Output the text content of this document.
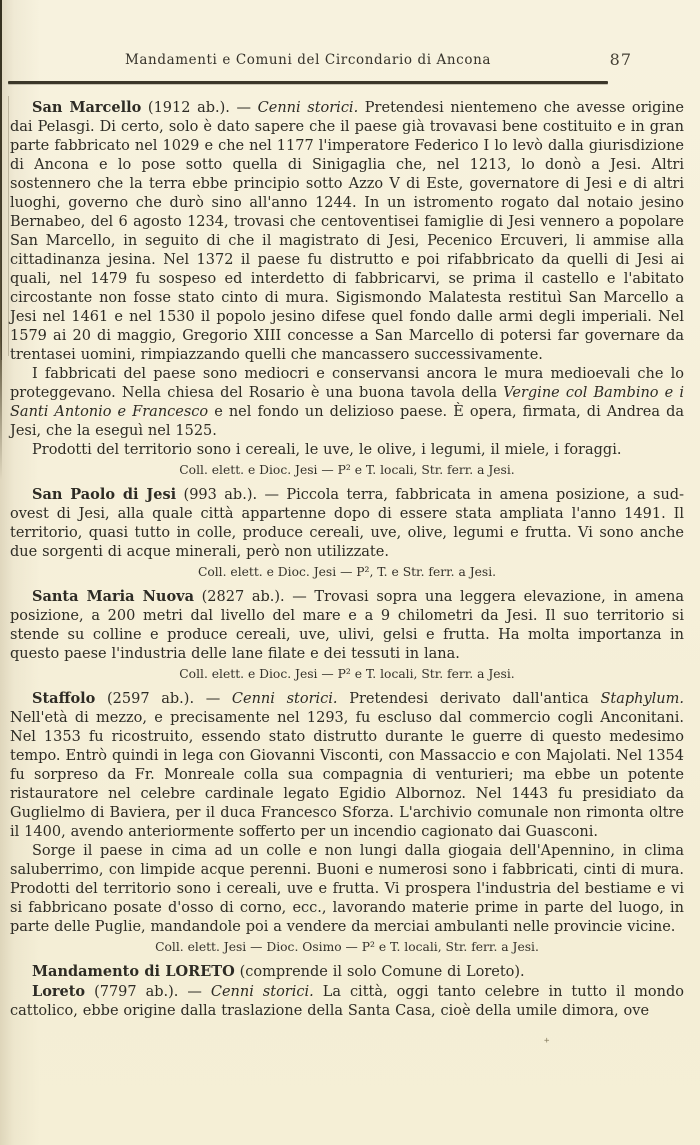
Mandamenti e Comuni del Circondario di Ancona	87

San Marcello (1912 ab.). — Cenni storici. Pretendesi nientemeno che avesse origine dai Pelasgi. Di certo, solo è dato sapere che il paese già trovavasi bene costituito e in gran parte fabbricato nel 1029 e che nel 1177 l'imperatore Federico I lo levò dalla giurisdizione di Ancona e lo pose sotto quella di Sinigaglia che, nel 1213, lo donò a Jesi. Altri sostennero che la terra ebbe principio sotto Azzo V di Este, governatore di Jesi e di altri luoghi, governo che durò sino all'anno 1244. In un istromento rogato dal notaio jesino Bernabeo, del 6 agosto 1234, trovasi che centoventisei famiglie di Jesi vennero a popolare San Marcello, in seguito di che il magistrato di Jesi, Pecenico Ercuveri, li ammise alla cittadinanza jesina. Nel 1372 il paese fu distrutto e poi rifabbricato da quelli di Jesi ai quali, nel 1479 fu sospeso ed interdetto di fabbricarvi, se prima il castello e l'abitato circostante non fosse stato cinto di mura. Sigismondo Malatesta restituì San Marcello a Jesi nel 1461 e nel 1530 il popolo jesino difese quel fondo dalle armi degli imperiali. Nel 1579 ai 20 di maggio, Gregorio XIII concesse a San Marcello di potersi far governare da trentasei uomini, rimpiazzando quelli che mancassero successivamente.

I fabbricati del paese sono mediocri e conservansi ancora le mura medioevali che lo proteggevano. Nella chiesa del Rosario è una buona tavola della Vergine col Bambino e i Santi Antonio e Francesco e nel fondo un delizioso paese. È opera, firmata, di Andrea da Jesi, che la eseguì nel 1525.

Prodotti del territorio sono i cereali, le uve, le olive, i legumi, il miele, i foraggi.

Coll. elett. e Dioc. Jesi — P² e T. locali, Str. ferr. a Jesi.

San Paolo di Jesi (993 ab.). — Piccola terra, fabbricata in amena posizione, a sud-ovest di Jesi, alla quale città appartenne dopo di essere stata ampliata l'anno 1491. Il territorio, quasi tutto in colle, produce cereali, uve, olive, legumi e frutta. Vi sono anche due sorgenti di acque minerali, però non utilizzate.

Coll. elett. e Dioc. Jesi — P², T. e Str. ferr. a Jesi.

Santa Maria Nuova (2827 ab.). — Trovasi sopra una leggera elevazione, in amena posizione, a 200 metri dal livello del mare e a 9 chilometri da Jesi. Il suo territorio si stende su colline e produce cereali, uve, ulivi, gelsi e frutta. Ha molta importanza in questo paese l'industria delle lane filate e dei tessuti in lana.

Coll. elett. e Dioc. Jesi — P² e T. locali, Str. ferr. a Jesi.

Staffolo (2597 ab.). — Cenni storici. Pretendesi derivato dall'antica Staphylum. Nell'età di mezzo, e precisamente nel 1293, fu escluso dal commercio cogli Anconitani. Nel 1353 fu ricostruito, essendo stato distrutto durante le guerre di questo medesimo tempo. Entrò quindi in lega con Giovanni Visconti, con Massaccio e con Majolati. Nel 1354 fu sorpreso da Fr. Monreale colla sua compagnia di venturieri; ma ebbe un potente ristauratore nel celebre cardinale legato Egidio Albornoz. Nel 1443 fu presidiato da Guglielmo di Baviera, per il duca Francesco Sforza. L'archivio comunale non rimonta oltre il 1400, avendo anteriormente sofferto per un incendio cagionato dai Guasconi.

Sorge il paese in cima ad un colle e non lungi dalla giogaia dell'Apennino, in clima saluberrimo, con limpide acque perenni. Buoni e numerosi sono i fabbricati, cinti di mura. Prodotti del territorio sono i cereali, uve e frutta. Vi prospera l'industria del bestiame e vi si fabbricano posate d'osso di corno, ecc., lavorando materie prime in parte del luogo, in parte delle Puglie, mandandole poi a vendere da merciai ambulanti nelle provincie vicine.

Coll. elett. Jesi — Dioc. Osimo — P² e T. locali, Str. ferr. a Jesi.

Mandamento di LORETO (comprende il solo Comune di Loreto).

Loreto (7797 ab.). — Cenni storici. La città, oggi tanto celebre in tutto il mondo cattolico, ebbe origine dalla traslazione della Santa Casa, cioè della umile dimora, ove

+
